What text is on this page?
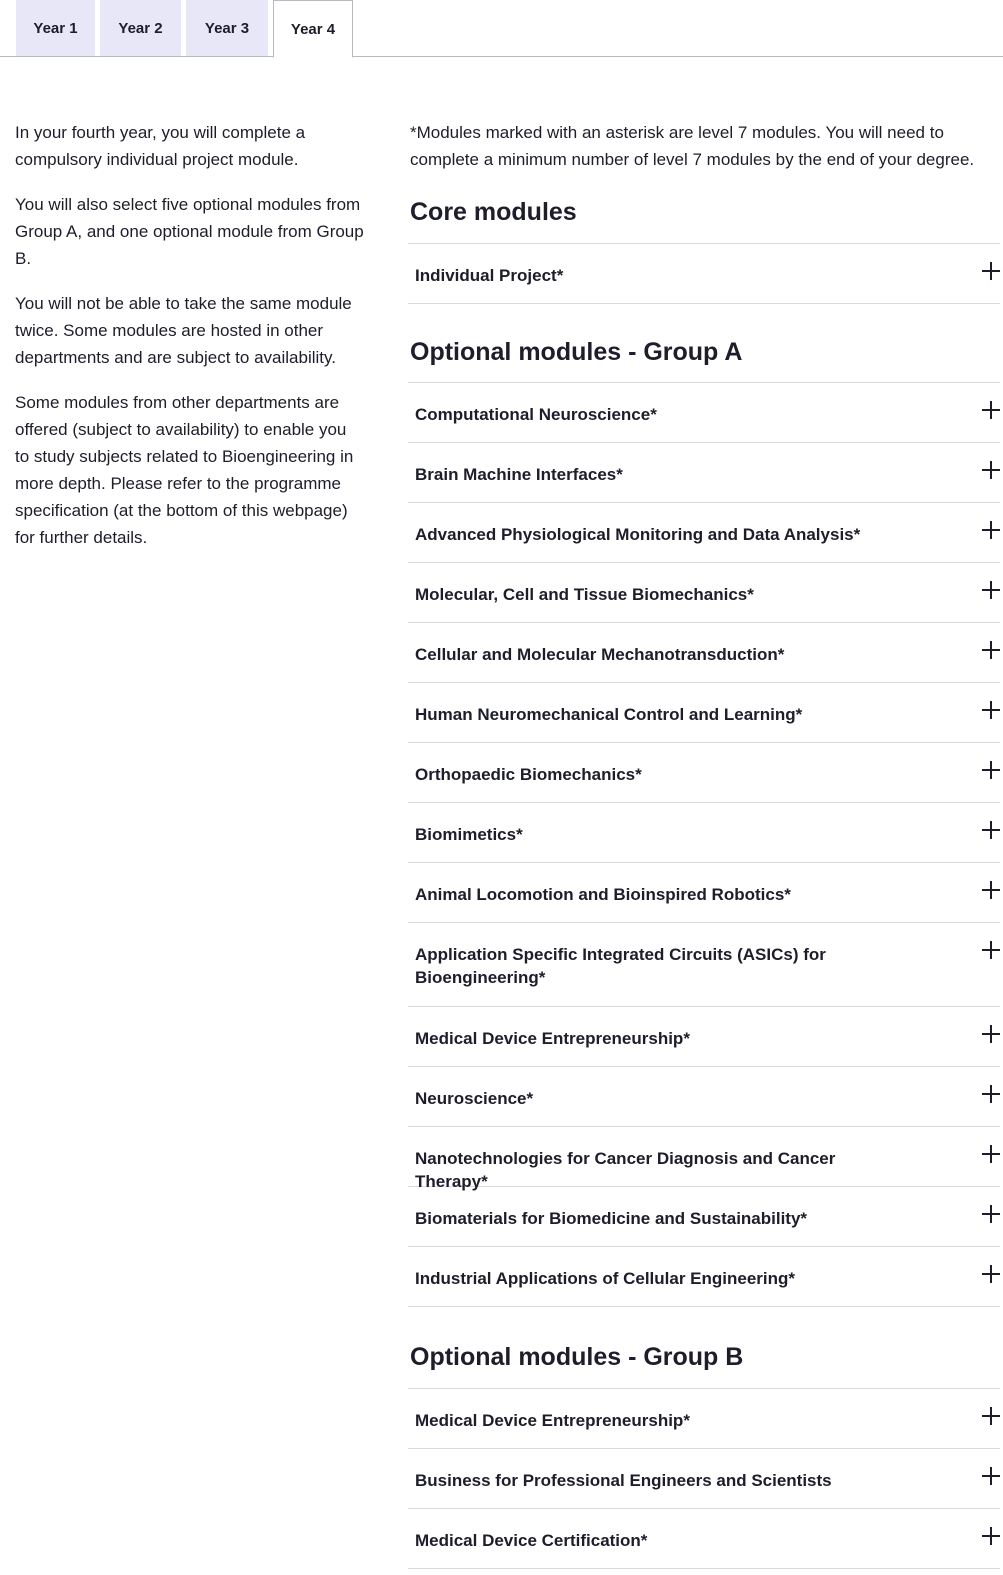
Year 1	Year 2	Year 3	Year 4

In your fourth year, you will complete a compulsory individual project module.

You will also select five optional modules from Group A, and one optional module from Group B.

You will not be able to take the same module twice. Some modules are hosted in other departments and are subject to availability.

Some modules from other departments are offered (subject to availability) to enable you to study subjects related to Bioengineering in more depth. Please refer to the programme specification (at the bottom of this webpage) for further details.

*Modules marked with an asterisk are level 7 modules. You will need to complete a minimum number of level 7 modules by the end of your degree.

Core modules
Individual Project*
Optional modules - Group A
Computational Neuroscience*
Brain Machine Interfaces*
Advanced Physiological Monitoring and Data Analysis*
Molecular, Cell and Tissue Biomechanics*
Cellular and Molecular Mechanotransduction*
Human Neuromechanical Control and Learning*
Orthopaedic Biomechanics*
Biomimetics*
Animal Locomotion and Bioinspired Robotics*
Application Specific Integrated Circuits (ASICs) for Bioengineering*
Medical Device Entrepreneurship*
Neuroscience*
Nanotechnologies for Cancer Diagnosis and Cancer Therapy*
Biomaterials for Biomedicine and Sustainability*
Industrial Applications of Cellular Engineering*
Optional modules - Group B
Medical Device Entrepreneurship*
Business for Professional Engineers and Scientists
Medical Device Certification*
